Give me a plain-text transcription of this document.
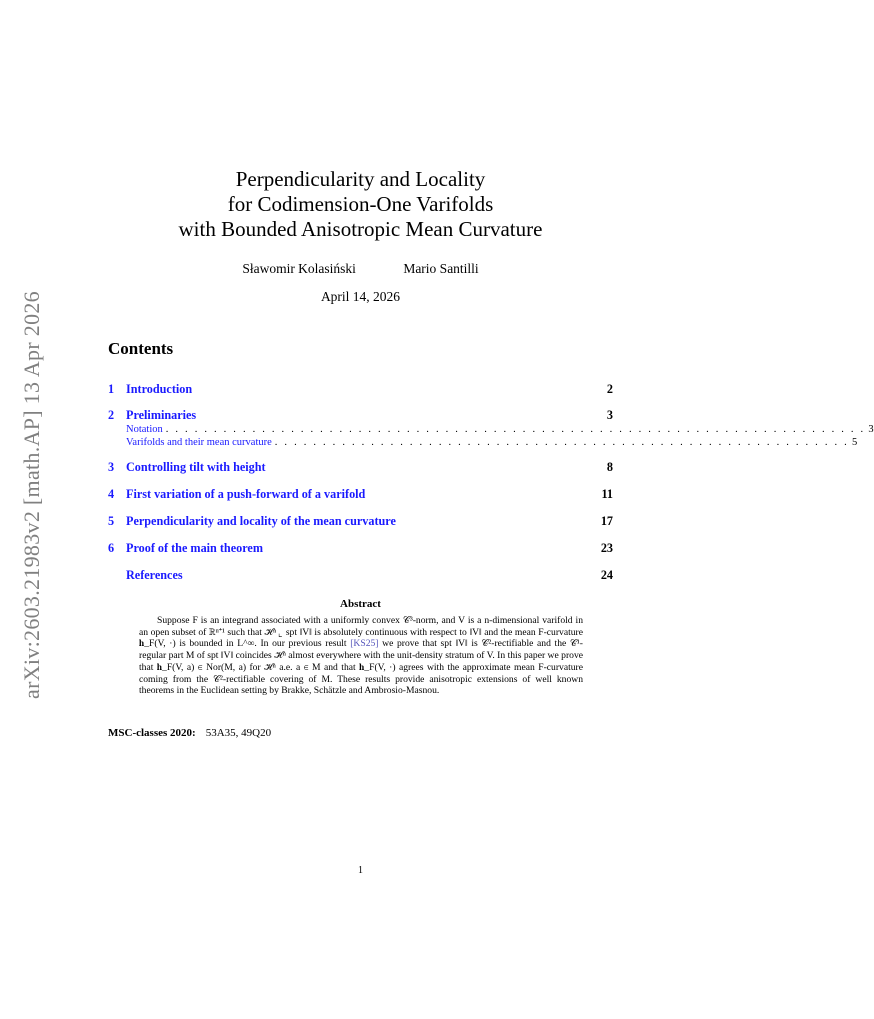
arXiv:2603.21983v2 [math.AP] 13 Apr 2026
Perpendicularity and Locality
for Codimension-One Varifolds
with Bounded Anisotropic Mean Curvature
Sławomir Kolasiński	Mario Santilli
April 14, 2026
Contents
1 Introduction	2
2 Preliminaries	3
Notation . . . . . . . . . . . . . . . . . . . . . . . . . . . . . . . . . . . . . . . . . . . . . . . . . . . . . . . . . . . . . . . . . . . . . . . . . 3
Varifolds and their mean curvature . . . . . . . . . . . . . . . . . . . . . . . . . . . . . . . . . . . . . . . . . . . . . . . . . . . . . . . . . . . . 5
3 Controlling tilt with height	8
4 First variation of a push-forward of a varifold	11
5 Perpendicularity and locality of the mean curvature	17
6 Proof of the main theorem	23
References	24
Abstract
Suppose F is an integrand associated with a uniformly convex 𝒞³-norm, and V is a n-dimensional varifold in an open subset of ℝⁿ⁺¹ such that ℋⁿ ⌞ spt ‖V‖ is absolutely continuous with respect to ‖V‖ and the mean F-curvature 𝐡_F(V, ·) is bounded in L^∞. In our previous result [KS25] we prove that spt ‖V‖ is 𝒞²-rectifiable and the 𝒞¹-regular part M of spt ‖V‖ coincides ℋⁿ almost everywhere with the unit-density stratum of V. In this paper we prove that 𝐡_F(V, a) ∈ Nor(M, a) for ℋⁿ a.e. a ∈ M and that 𝐡_F(V, ·) agrees with the approximate mean F-curvature coming from the 𝒞²-rectifiable covering of M. These results provide anisotropic extensions of well known theorems in the Euclidean setting by Brakke, Schätzle and Ambrosio-Masnou.
MSC-classes 2020: 53A35, 49Q20
1
